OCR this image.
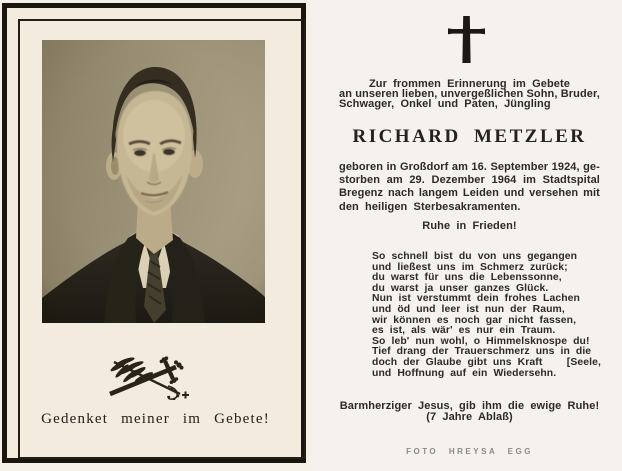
Gedenket meiner im Gebete!
Zur frommen Erinnerung im Gebete
an unseren lieben, unvergeßlichen Sohn, Bruder,
Schwager, Onkel und Paten, Jüngling
RICHARD METZLER
geboren in Großdorf am 16. September 1924, ge-
storben am 29. Dezember 1964 im Stadtspital
Bregenz nach langem Leiden und versehen mit
den heiligen Sterbesakramenten.
Ruhe in Frieden!
So schnell bist du von uns gegangen
und ließest uns im Schmerz zurück;
du warst für uns die Lebenssonne,
du warst ja unser ganzes Glück.
Nun ist verstummt dein frohes Lachen
und öd und leer ist nun der Raum,
wir können es noch gar nicht fassen,
es ist, als wär' es nur ein Traum.
So leb' nun wohl, o Himmelsknospe du!
Tief drang der Trauerschmerz uns in die
doch der Glaube gibt uns Kraft [Seele,
und Hoffnung auf ein Wiedersehn.
Barmherziger Jesus, gib ihm die ewige Ruhe!
(7 Jahre Ablaß)
FOTO HREYSA EGG
